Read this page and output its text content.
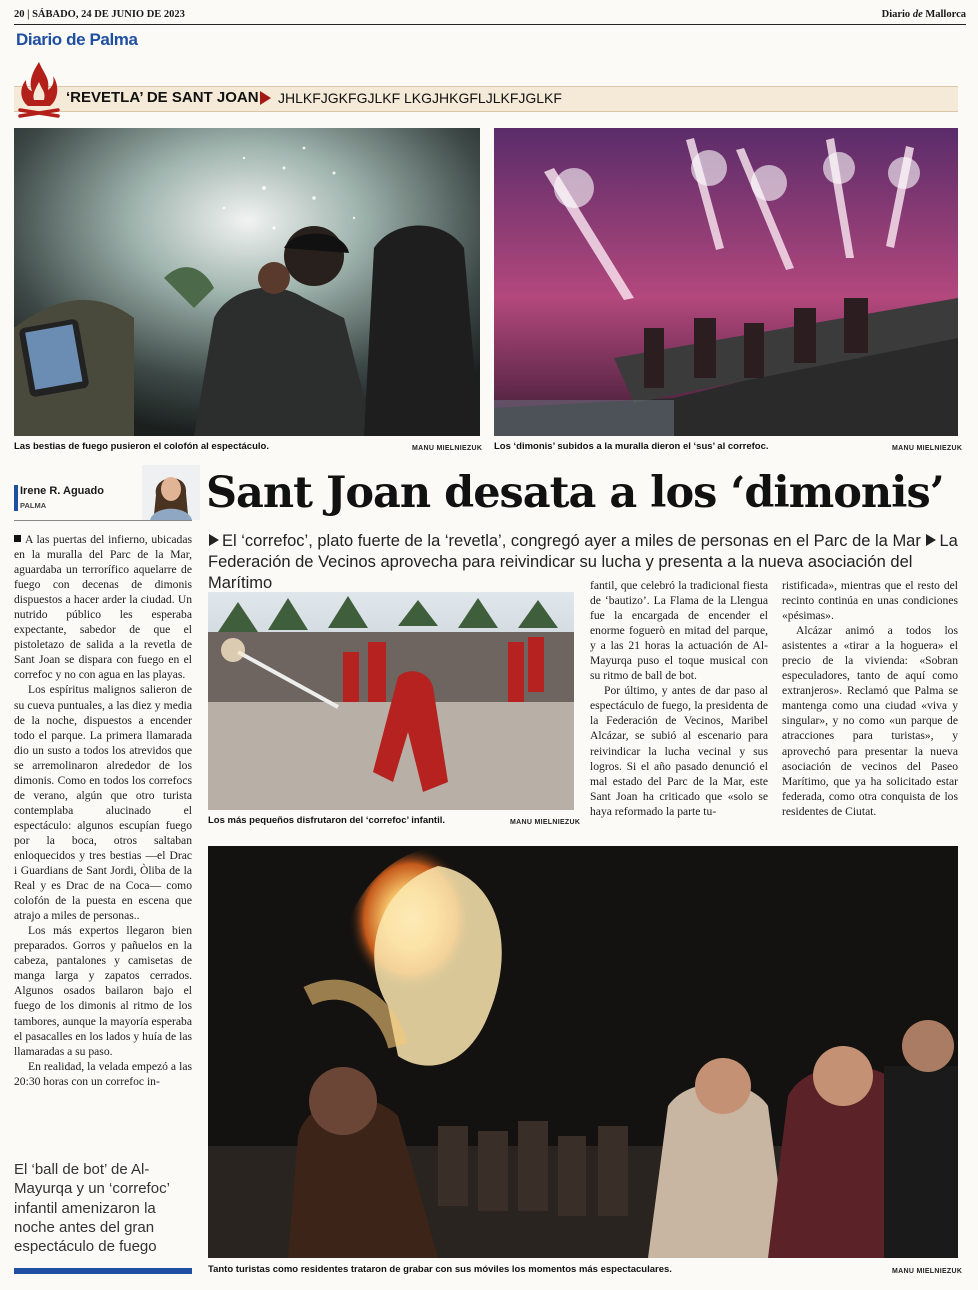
20 | SÁBADO, 24 DE JUNIO DE 2023	Diario de Mallorca
Diario de Palma
‘REVETLA’ DE SANT JOAN JHLKFJGKFGJLKF LKGJHKGFLJLKFJGLKF
Las bestias de fuego pusieron el colofón al espectáculo.	MANU MIELNIEZUK Los ‘dimonis’ subidos a la muralla dieron el ‘sus’ al correfoc.	MANU MIELNIEZUK
Irene R. Aguado
PALMA	Sant Joan desata a los ‘dimonis’
El ‘correfoc’, plato fuerte de la ‘revetla’, congregó ayer a miles de personas en el Parc de la Mar La Federación de Vecinos aprovecha para reivindicar su lucha y presenta a la nueva asociación del Marítimo

A las puertas del infierno, ubicadas en la muralla del Parc de la Mar, aguardaba un terrorífico aquelarre de fuego con decenas de dimonis dispuestos a hacer arder la ciudad. Un nutrido público les esperaba expectante, sabedor de que el pistoletazo de salida a la revetla de Sant Joan se dispara con fuego en el correfoc y no con agua en las playas.

Los espíritus malignos salieron de su cueva puntuales, a las diez y media de la noche, dispuestos a encender todo el parque. La primera llamarada dio un susto a todos los atrevidos que se arremolinaron alrededor de los dimonis. Como en todos los correfocs de verano, algún que otro turista contemplaba alucinado el espectáculo: algunos escupían fuego por la boca, otros saltaban enloquecidos y tres bestias —el Drac i Guardians de Sant Jordi, Òliba de la Real y es Drac de na Coca— como colofón de la puesta en escena que atrajo a miles de personas..

Los más expertos llegaron bien preparados. Gorros y pañuelos en la cabeza, pantalones y camisetas de manga larga y zapatos cerrados. Algunos osados bailaron bajo el fuego de los dimonis al ritmo de los tambores, aunque la mayoría esperaba el pasacalles en los lados y huía de las llamaradas a su paso.

En realidad, la velada empezó a las 20:30 horas con un correfoc in-

Los más pequeños disfrutaron del ‘correfoc’ infantil.	MANU MIELNIEZUK

fantil, que celebró la tradicional fiesta de ‘bautizo’. La Flama de la Llengua fue la encargada de encender el enorme foguerò en mitad del parque, y a las 21 horas la actuación de Al-Mayurqa puso el toque musical con su ritmo de ball de bot.

Por último, y antes de dar paso al espectáculo de fuego, la presidenta de la Federación de Vecinos, Maribel Alcázar, se subió al escenario para reivindicar la lucha vecinal y sus logros. Si el año pasado denunció el mal estado del Parc de la Mar, este Sant Joan ha criticado que «solo se haya reformado la parte tu-

ristificada», mientras que el resto del recinto continúa en unas condiciones «pésimas».

Alcázar animó a todos los asistentes a «tirar a la hoguera» el precio de la vivienda: «Sobran especuladores, tanto de aquí como extranjeros». Reclamó que Palma se mantenga como una ciudad «viva y singular», y no como «un parque de atracciones para turistas», y aprovechó para presentar la nueva asociación de vecinos del Paseo Marítimo, que ya ha solicitado estar federada, como otra conquista de los residentes de Ciutat.

Tanto turistas como residentes trataron de grabar con sus móviles los momentos más espectaculares.	MANU MIELNIEZUK
El ‘ball de bot’ de Al-Mayurqa y un ‘correfoc’ infantil amenizaron la noche antes del gran espectáculo de fuego
